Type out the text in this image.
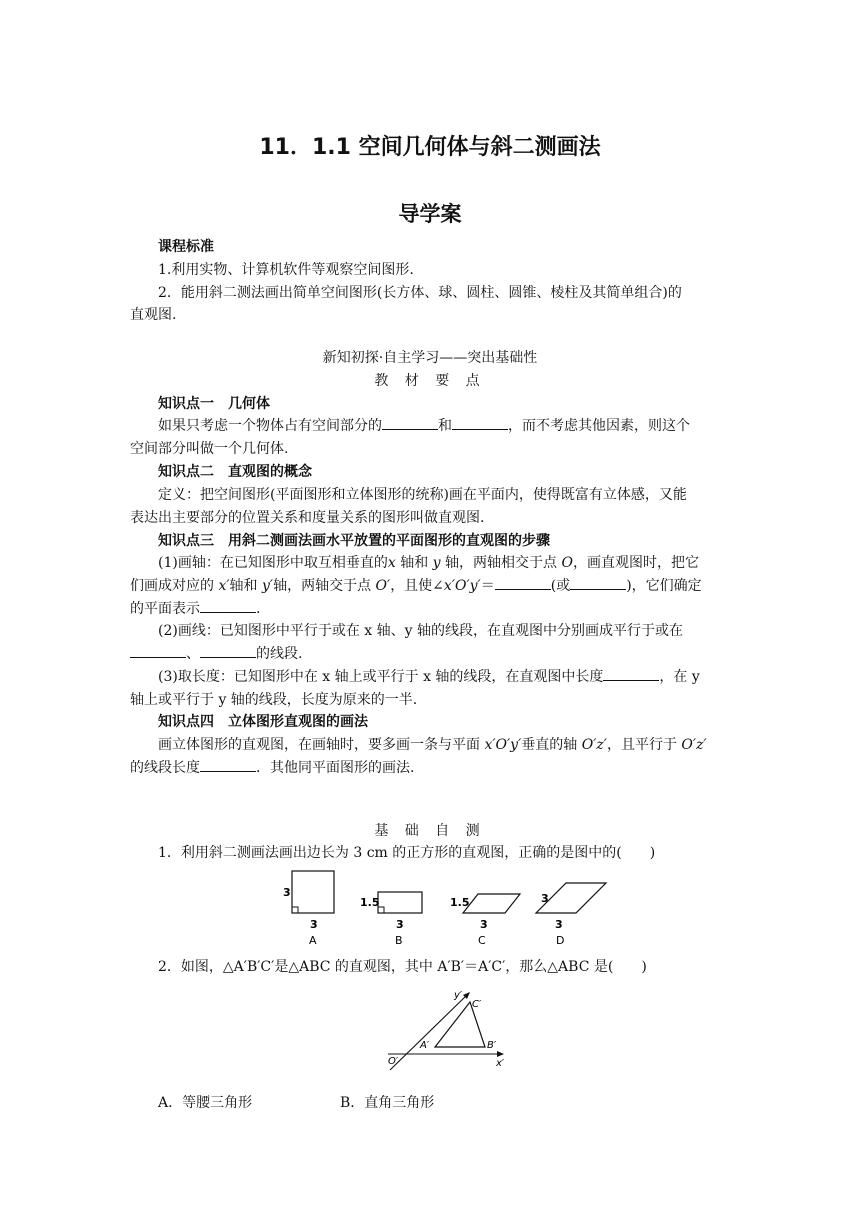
11．1.1 空间几何体与斜二测画法
导学案
课程标准
1.利用实物、计算机软件等观察空间图形.
2．能用斜二测法画出简单空间图形(长方体、球、圆柱、圆锥、棱柱及其简单组合)的
直观图.
新知初探·自主学习——突出基础性
教 材 要 点
知识点一　几何体
如果只考虑一个物体占有空间部分的	和	，而不考虑其他因素，则这个
空间部分叫做一个几何体.
知识点二　直观图的概念
定义：把空间图形(平面图形和立体图形的统称)画在平面内，使得既富有立体感，又能
表达出主要部分的位置关系和度量关系的图形叫做直观图.
知识点三　用斜二测画法画水平放置的平面图形的直观图的步骤
(1)画轴：在已知图形中取互相垂直的x 轴和 y 轴，两轴相交于点 O，画直观图时，把它
们画成对应的 x′轴和 y′轴，两轴交于点 O′，且使∠x′O′y′＝	(或	)，它们确定
的平面表示	.
(2)画线：已知图形中平行于或在 x 轴、y 轴的线段，在直观图中分别画成平行于或在
、	的线段.
(3)取长度：已知图形中在 x 轴上或平行于 x 轴的线段，在直观图中长度	，在 y
轴上或平行于 y 轴的线段，长度为原来的一半.
知识点四　立体图形直观图的画法
画立体图形的直观图，在画轴时，要多画一条与平面 x′O′y′垂直的轴 O′z′，且平行于 O′z′
的线段长度	．其他同平面图形的画法.
基 础 自 测
1．利用斜二测画法画出边长为 3 cm 的正方形的直观图，正确的是图中的(　　)
3
3
A
1.5
3
B
1.5
3
C
3
3
D
2．如图，△A′B′C′是△ABC 的直观图，其中 A′B′＝A′C′，那么△ABC 是(　　)
y′
x′
O′
A′	B′
C′
A．等腰三角形	B．直角三角形
